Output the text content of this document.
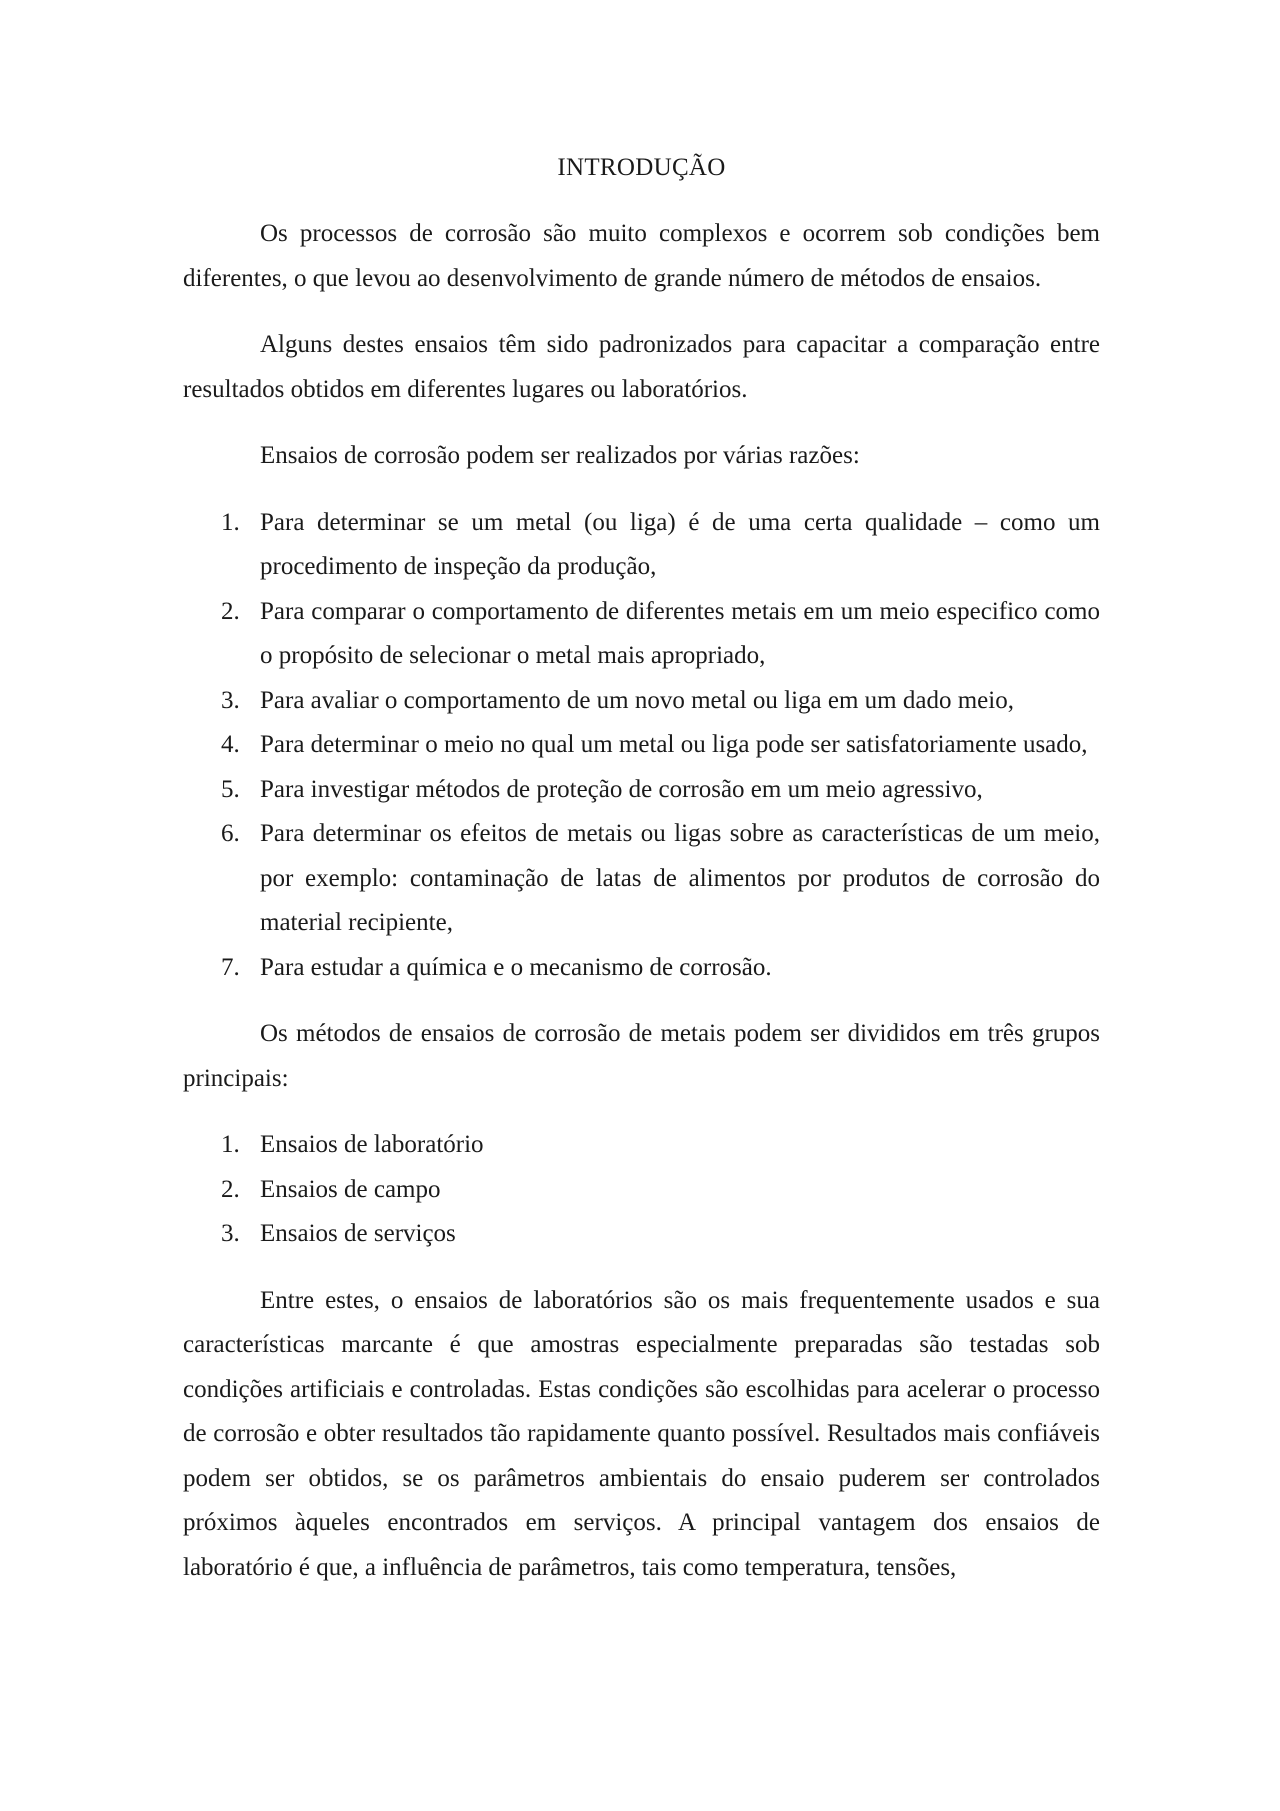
INTRODUÇÃO

Os processos de corrosão são muito complexos e ocorrem sob condições bem diferentes, o que levou ao desenvolvimento de grande número de métodos de ensaios.

Alguns destes ensaios têm sido padronizados para capacitar a comparação entre resultados obtidos em diferentes lugares ou laboratórios.

Ensaios de corrosão podem ser realizados por várias razões:

1. Para determinar se um metal (ou liga) é de uma certa qualidade – como um procedimento de inspeção da produção,
2. Para comparar o comportamento de diferentes metais em um meio especifico como o propósito de selecionar o metal mais apropriado,
3. Para avaliar o comportamento de um novo metal ou liga em um dado meio,
4. Para determinar o meio no qual um metal ou liga pode ser satisfatoriamente usado,
5. Para investigar métodos de proteção de corrosão em um meio agressivo,
6. Para determinar os efeitos de metais ou ligas sobre as características de um meio, por exemplo: contaminação de latas de alimentos por produtos de corrosão do material recipiente,
7. Para estudar a química e o mecanismo de corrosão.

Os métodos de ensaios de corrosão de metais podem ser divididos em três grupos principais:

1. Ensaios de laboratório
2. Ensaios de campo
3. Ensaios de serviços

Entre estes, o ensaios de laboratórios são os mais frequentemente usados e sua características marcante é que amostras especialmente preparadas são testadas sob condições artificiais e controladas. Estas condições são escolhidas para acelerar o processo de corrosão e obter resultados tão rapidamente quanto possível. Resultados mais confiáveis podem ser obtidos, se os parâmetros ambientais do ensaio puderem ser controlados próximos àqueles encontrados em serviços. A principal vantagem dos ensaios de laboratório é que, a influência de parâmetros, tais como temperatura, tensões,
